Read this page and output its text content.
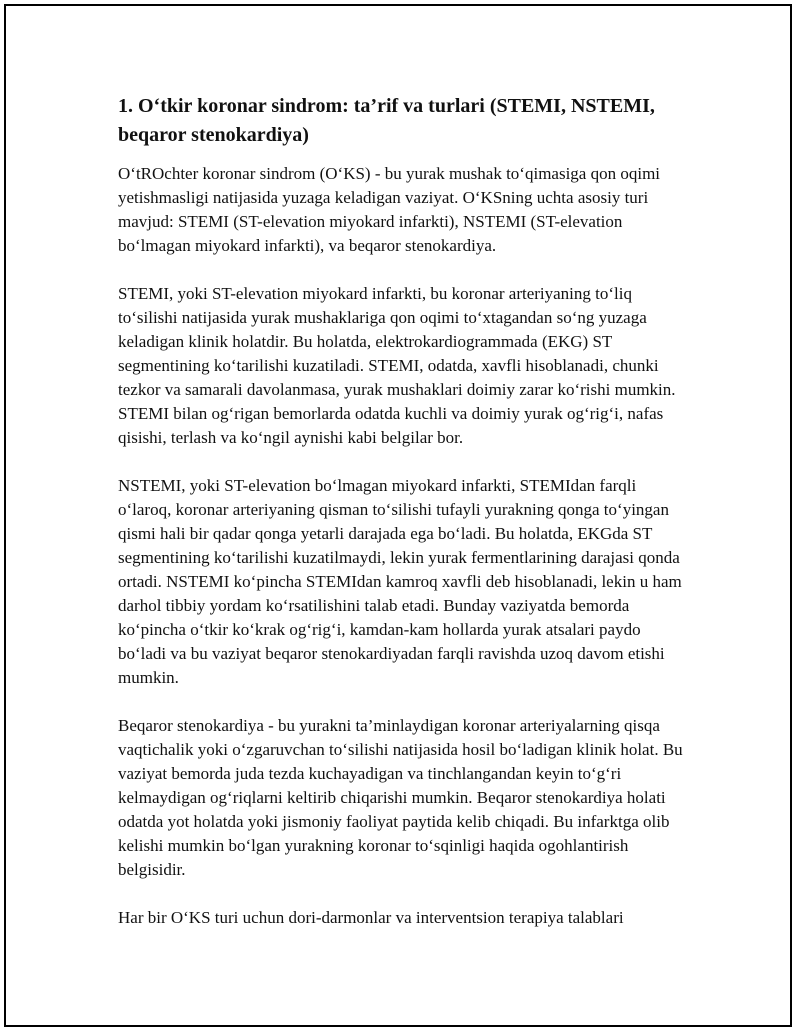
1. O‘tkir koronar sindrom: ta’rif va turlari (STEMI, NSTEMI, beqaror stenokardiya)

O‘tROchter koronar sindrom (O‘KS) - bu yurak mushak to‘qimasiga qon oqimi yetishmasligi natijasida yuzaga keladigan vaziyat. O‘KSning uchta asosiy turi mavjud: STEMI (ST-elevation miyokard infarkti), NSTEMI (ST-elevation bo‘lmagan miyokard infarkti), va beqaror stenokardiya.

STEMI, yoki ST-elevation miyokard infarkti, bu koronar arteriyaning to‘liq to‘silishi natijasida yurak mushaklariga qon oqimi to‘xtagandan so‘ng yuzaga keladigan klinik holatdir. Bu holatda, elektrokardiogrammada (EKG) ST segmentining ko‘tarilishi kuzatiladi. STEMI, odatda, xavfli hisoblanadi, chunki tezkor va samarali davolanmasa, yurak mushaklari doimiy zarar ko‘rishi mumkin. STEMI bilan og‘rigan bemorlarda odatda kuchli va doimiy yurak og‘rig‘i, nafas qisishi, terlash va ko‘ngil aynishi kabi belgilar bor.

NSTEMI, yoki ST-elevation bo‘lmagan miyokard infarkti, STEMIdan farqli o‘laroq, koronar arteriyaning qisman to‘silishi tufayli yurakning qonga to‘yingan qismi hali bir qadar qonga yetarli darajada ega bo‘ladi. Bu holatda, EKGda ST segmentining ko‘tarilishi kuzatilmaydi, lekin yurak fermentlarining darajasi qonda ortadi. NSTEMI ko‘pincha STEMIdan kamroq xavfli deb hisoblanadi, lekin u ham darhol tibbiy yordam ko‘rsatilishini talab etadi. Bunday vaziyatda bemorda ko‘pincha o‘tkir ko‘krak og‘rig‘i, kamdan-kam hollarda yurak atsalari paydo bo‘ladi va bu vaziyat beqaror stenokardiyadan farqli ravishda uzoq davom etishi mumkin.

Beqaror stenokardiya - bu yurakni ta’minlaydigan koronar arteriyalarning qisqa vaqtichalik yoki o‘zgaruvchan to‘silishi natijasida hosil bo‘ladigan klinik holat. Bu vaziyat bemorda juda tezda kuchayadigan va tinchlangandan keyin to‘g‘ri kelmaydigan og‘riqlarni keltirib chiqarishi mumkin. Beqaror stenokardiya holati odatda yot holatda yoki jismoniy faoliyat paytida kelib chiqadi. Bu infarktga olib kelishi mumkin bo‘lgan yurakning koronar to‘sqinligi haqida ogohlantirish belgisidir.

Har bir O‘KS turi uchun dori-darmonlar va interventsion terapiya talablari
